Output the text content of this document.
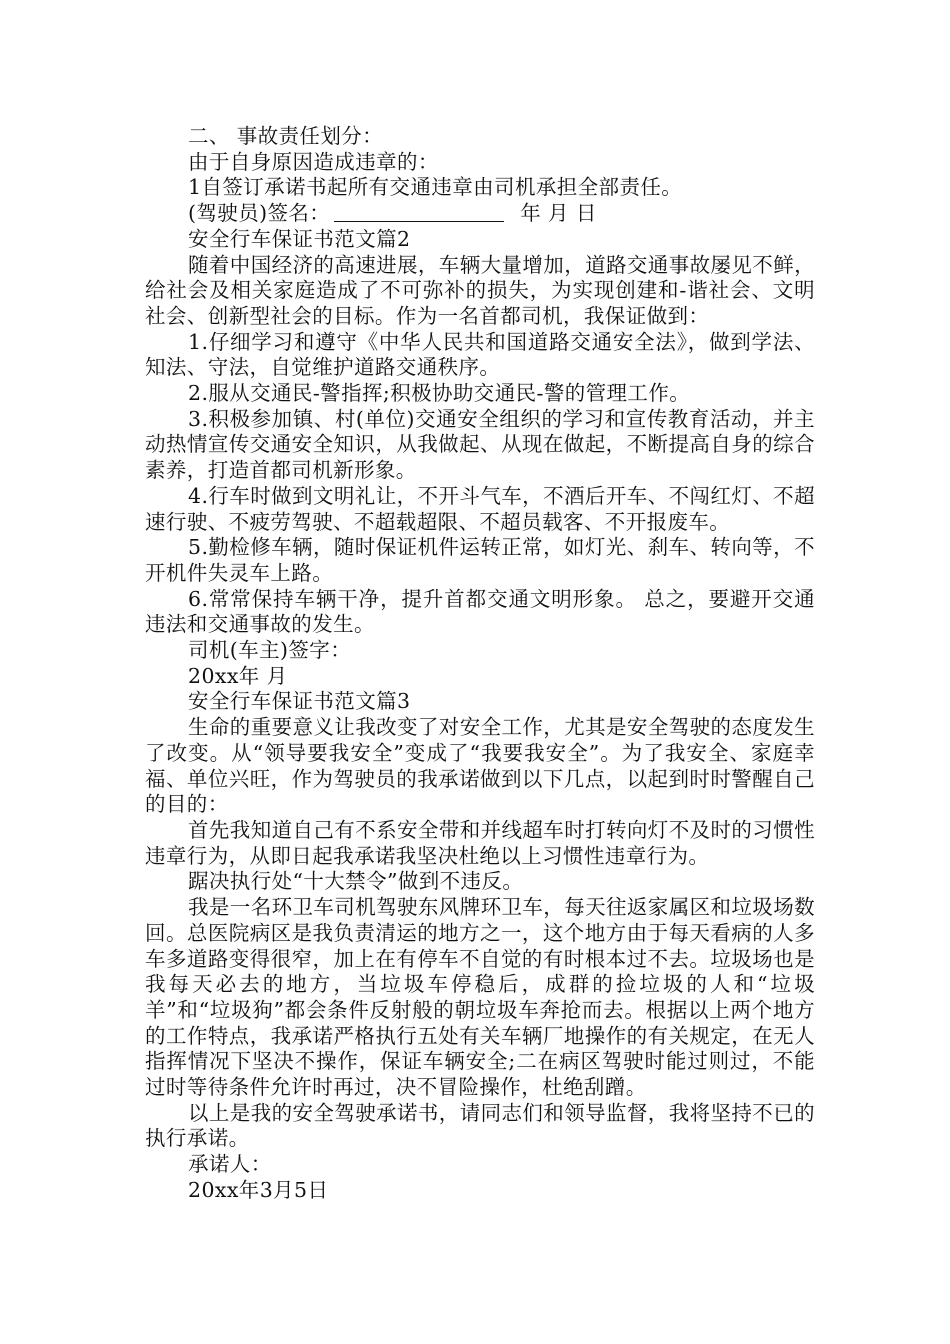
二、 事故责任划分：
由于自身原因造成违章的：
1自签订承诺书起所有交通违章由司机承担全部责任。
(驾驶员)签名：	年 月 日
安全行车保证书范文篇2
随着中国经济的高速进展，车辆大量增加，道路交通事故屡见不鲜，给社会及相关家庭造成了不可弥补的损失，为实现创建和-谐社会、文明社会、创新型社会的目标。作为一名首都司机，我保证做到：
1.仔细学习和遵守《中华人民共和国道路交通安全法》，做到学法、知法、守法，自觉维护道路交通秩序。
2.服从交通民-警指挥;积极协助交通民-警的管理工作。
3.积极参加镇、村(单位)交通安全组织的学习和宣传教育活动，并主动热情宣传交通安全知识，从我做起、从现在做起，不断提高自身的综合素养，打造首都司机新形象。
4.行车时做到文明礼让，不开斗气车，不酒后开车、不闯红灯、不超速行驶、不疲劳驾驶、不超载超限、不超员载客、不开报废车。
5.勤检修车辆，随时保证机件运转正常，如灯光、刹车、转向等，不开机件失灵车上路。
6.常常保持车辆干净，提升首都交通文明形象。 总之，要避开交通违法和交通事故的发生。
司机(车主)签字：
20xx年 月
安全行车保证书范文篇3
生命的重要意义让我改变了对安全工作，尤其是安全驾驶的态度发生了改变。从“领导要我安全”变成了“我要我安全”。为了我安全、家庭幸福、单位兴旺，作为驾驶员的我承诺做到以下几点，以起到时时警醒自己的目的：
首先我知道自己有不系安全带和并线超车时打转向灯不及时的习惯性违章行为，从即日起我承诺我坚决杜绝以上习惯性违章行为。
踞决执行处“十大禁令”做到不违反。
我是一名环卫车司机驾驶东风牌环卫车，每天往返家属区和垃圾场数回。总医院病区是我负责清运的地方之一，这个地方由于每天看病的人多车多道路变得很窄，加上在有停车不自觉的有时根本过不去。垃圾场也是我每天必去的地方，当垃圾车停稳后，成群的捡垃圾的人和“垃圾羊”和“垃圾狗”都会条件反射般的朝垃圾车奔抢而去。根据以上两个地方的工作特点，我承诺严格执行五处有关车辆厂地操作的有关规定，在无人指挥情况下坚决不操作，保证车辆安全;二在病区驾驶时能过则过，不能过时等待条件允许时再过，决不冒险操作，杜绝刮蹭。
以上是我的安全驾驶承诺书，请同志们和领导监督，我将坚持不已的执行承诺。
承诺人：
20xx年3月5日
